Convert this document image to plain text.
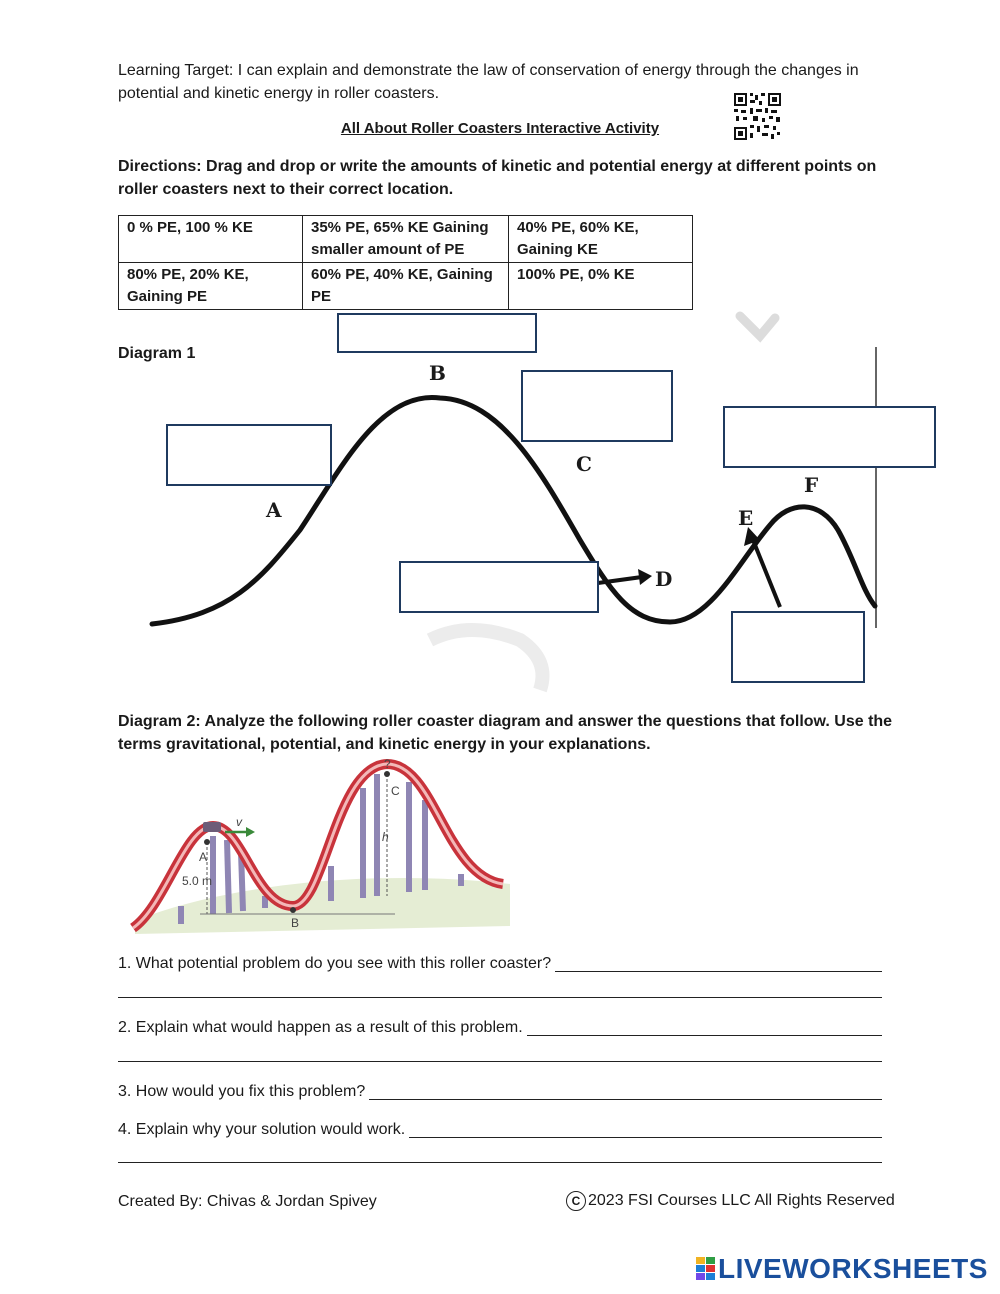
Learning Target: I can explain and demonstrate the law of conservation of energy through the changes in potential and kinetic energy in roller coasters.
All About Roller Coasters Interactive Activity
Directions: Drag and drop or write the amounts of kinetic and potential energy at different points on roller coasters next to their correct location.
0 % PE, 100 % KE	35% PE, 65% KE Gaining smaller amount of PE	40% PE, 60% KE, Gaining KE
80% PE, 20% KE, Gaining PE	60% PE, 40% KE, Gaining PE	100% PE, 0% KE
Diagram 1
B
A
C
D
E
F
Diagram 2: Analyze the following roller coaster diagram and answer the questions that follow. Use the terms gravitational, potential, and kinetic energy in your explanations.
?
v
A
B
C
h
5.0 m
1. What potential problem do you see with this roller coaster?
2. Explain what would happen as a result of this problem.
3. How would you fix this problem?
4. Explain why your solution would work.
Created By: Chivas & Jordan Spivey	C 2023 FSI Courses LLC All Rights Reserved
LIVEWORKSHEETS
